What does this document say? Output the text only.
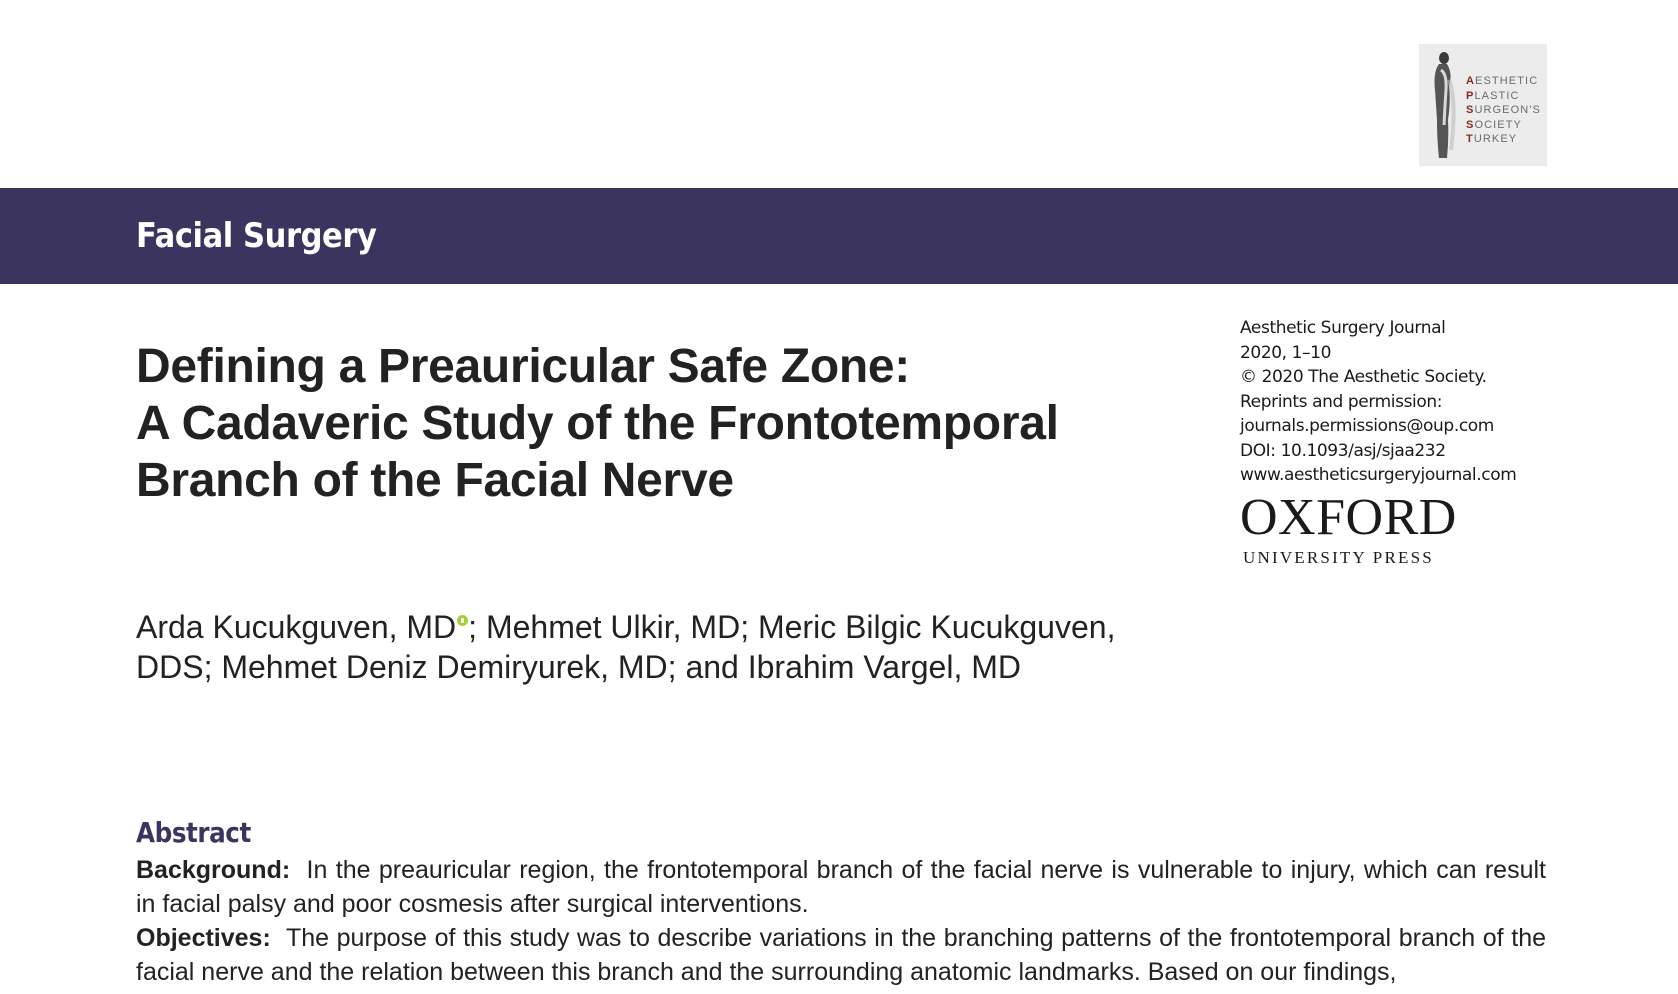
AESTHETIC
PLASTIC
SURGEON'S
SOCIETY
TURKEY
Facial Surgery
Defining a Preauricular Safe Zone:
A Cadaveric Study of the Frontotemporal
Branch of the Facial Nerve
Aesthetic Surgery Journal
2020, 1–10
© 2020 The Aesthetic Society.
Reprints and permission:
journals.permissions@oup.com
DOI: 10.1093/asj/sjaa232
www.aestheticsurgeryjournal.com
OXFORD
UNIVERSITY PRESS
Arda Kucukguven, MD ; Mehmet Ulkir, MD; Meric Bilgic Kucukguven,
DDS; Mehmet Deniz Demiryurek, MD; and Ibrahim Vargel, MD
Abstract

Background: In the preauricular region, the frontotemporal branch of the facial nerve is vulnerable to injury, which can result in facial palsy and poor cosmesis after surgical interventions.

Objectives: The purpose of this study was to describe variations in the branching patterns of the frontotemporal branch of the facial nerve and the relation between this branch and the surrounding anatomic landmarks. Based on our findings,
